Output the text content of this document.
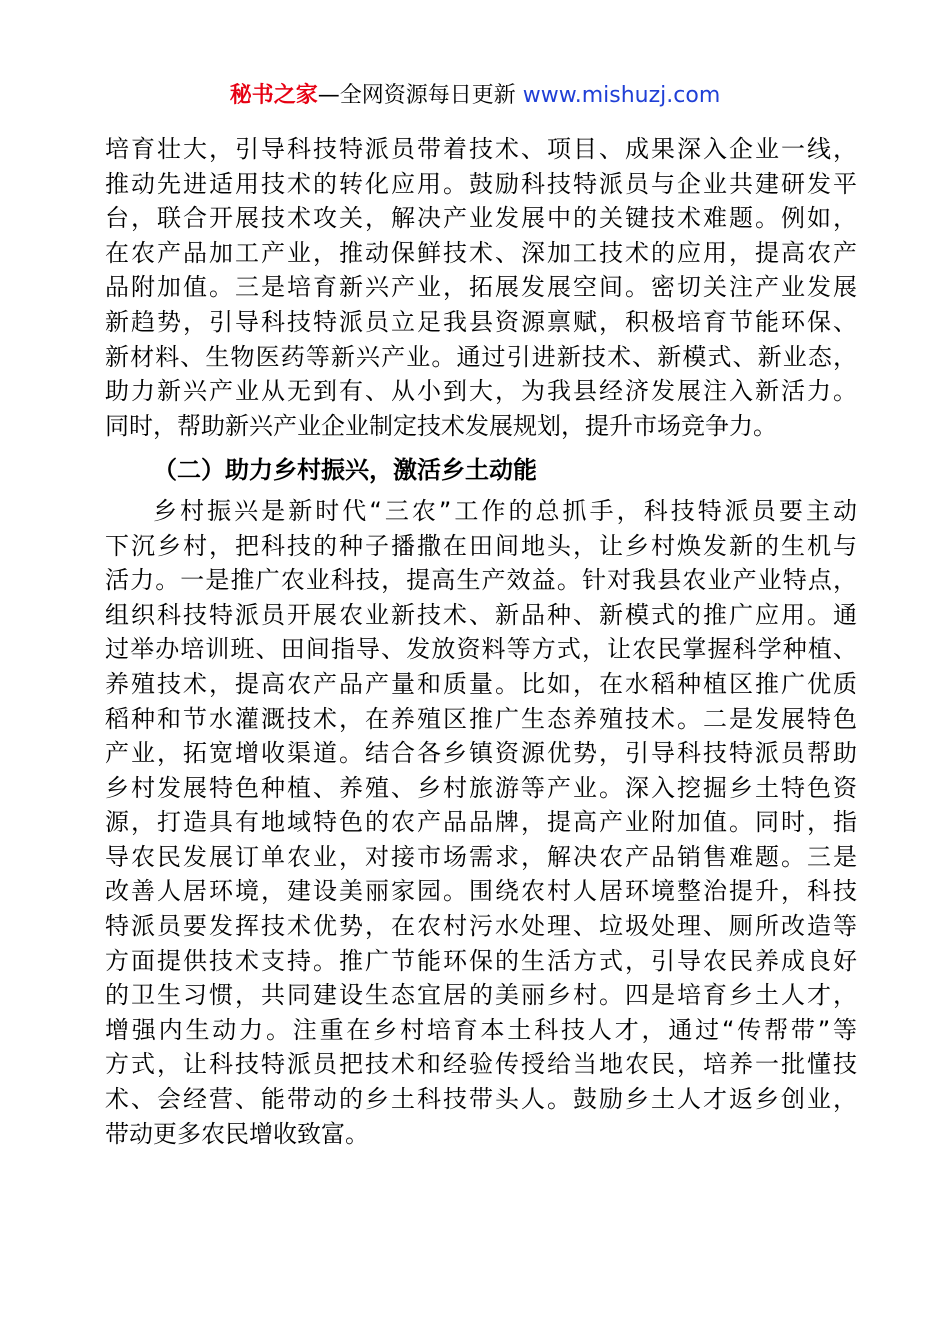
秘书之家—全网资源每日更新 www.mishuzj.com
培育壮大，引导科技特派员带着技术、项目、成果深入企业一线，
推动先进适用技术的转化应用。鼓励科技特派员与企业共建研发平
台，联合开展技术攻关，解决产业发展中的关键技术难题。例如，
在农产品加工产业，推动保鲜技术、深加工技术的应用，提高农产
品附加值。三是培育新兴产业，拓展发展空间。密切关注产业发展
新趋势，引导科技特派员立足我县资源禀赋，积极培育节能环保、
新材料、生物医药等新兴产业。通过引进新技术、新模式、新业态，
助力新兴产业从无到有、从小到大，为我县经济发展注入新活力。
同时，帮助新兴产业企业制定技术发展规划，提升市场竞争力。
（二）助力乡村振兴，激活乡土动能
乡村振兴是新时代“三农”工作的总抓手，科技特派员要主动
下沉乡村，把科技的种子播撒在田间地头，让乡村焕发新的生机与
活力。一是推广农业科技，提高生产效益。针对我县农业产业特点，
组织科技特派员开展农业新技术、新品种、新模式的推广应用。通
过举办培训班、田间指导、发放资料等方式，让农民掌握科学种植、
养殖技术，提高农产品产量和质量。比如，在水稻种植区推广优质
稻种和节水灌溉技术，在养殖区推广生态养殖技术。二是发展特色
产业，拓宽增收渠道。结合各乡镇资源优势，引导科技特派员帮助
乡村发展特色种植、养殖、乡村旅游等产业。深入挖掘乡土特色资
源，打造具有地域特色的农产品品牌，提高产业附加值。同时，指
导农民发展订单农业，对接市场需求，解决农产品销售难题。三是
改善人居环境，建设美丽家园。围绕农村人居环境整治提升，科技
特派员要发挥技术优势，在农村污水处理、垃圾处理、厕所改造等
方面提供技术支持。推广节能环保的生活方式，引导农民养成良好
的卫生习惯，共同建设生态宜居的美丽乡村。四是培育乡土人才，
增强内生动力。注重在乡村培育本土科技人才，通过“传帮带”等
方式，让科技特派员把技术和经验传授给当地农民，培养一批懂技
术、会经营、能带动的乡土科技带头人。鼓励乡土人才返乡创业，
带动更多农民增收致富。
